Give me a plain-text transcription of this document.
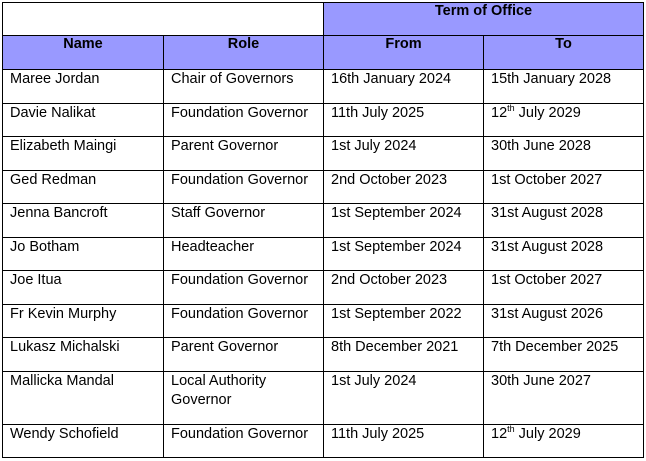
		Term of Office	
Name	Role	From	To
Maree Jordan	Chair of Governors	16th January 2024	15th January 2028
Davie Nalikat	Foundation Governor	11th July 2025	12th July 2029
Elizabeth Maingi	Parent Governor	1st July 2024	30th June 2028
Ged Redman	Foundation Governor	2nd October 2023	1st October 2027
Jenna Bancroft	Staff Governor	1st September 2024	31st August 2028
Jo Botham	Headteacher	1st September 2024	31st August 2028
Joe Itua	Foundation Governor	2nd October 2023	1st October 2027
Fr Kevin Murphy	Foundation Governor	1st September 2022	31st August 2026
Lukasz Michalski	Parent Governor	8th December 2021	7th December 2025
Mallicka Mandal	Local Authority Governor	1st July 2024	30th June 2027
Wendy Schofield	Foundation Governor	11th July 2025	12th July 2029
